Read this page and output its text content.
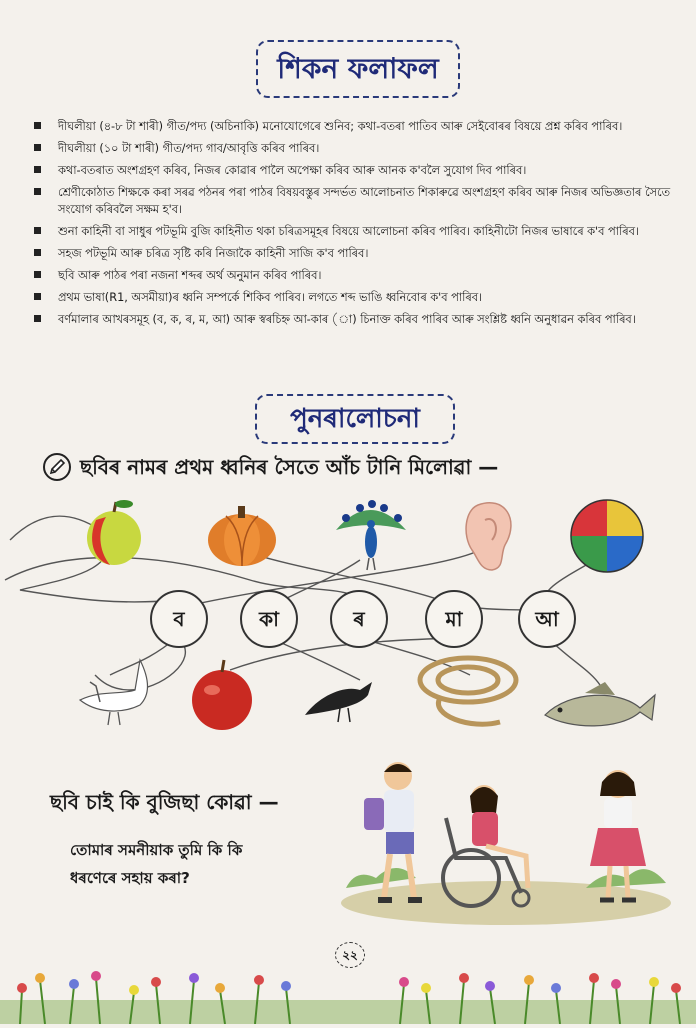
শিকন ফলাফল
দীঘলীয়া (৪-৮ টা শাৰী) গীত/পদ্য (অচিনাকি) মনোযোগেৰে শুনিব; কথা-বতৰা পাতিব আৰু সেইবোৰৰ বিষয়ে প্ৰশ্ন কৰিব পাৰিব।
দীঘলীয়া (১০ টা শাৰী) গীত/পদ্য গাব/আবৃত্তি কৰিব পাৰিব।
কথা-বতৰাত অংশগ্ৰহণ কৰিব, নিজৰ কোৱাৰ পালৈ অপেক্ষা কৰিব আৰু আনক ক'বলৈ সুযোগ দিব পাৰিব।
শ্ৰেণীকোঠাত শিক্ষকে কৰা সৰৱ পঠনৰ পৰা পাঠৰ বিষয়বস্তুৰ সন্দৰ্ভত আলোচনাত শিকাৰুৱে অংশগ্ৰহণ কৰিব আৰু নিজৰ অভিজ্ঞতাৰ সৈতে সংযোগ কৰিবলৈ সক্ষম হ'ব।
শুনা কাহিনী বা সাধুৰ পটভূমি বুজি কাহিনীত থকা চৰিত্ৰসমূহৰ বিষয়ে আলোচনা কৰিব পাৰিব। কাহিনীটো নিজৰ ভাষাৰে ক'ব পাৰিব।
সহজ পটভূমি আৰু চৰিত্ৰ সৃষ্টি কৰি নিজাকৈ কাহিনী সাজি ক'ব পাৰিব।
ছবি আৰু পাঠৰ পৰা নজনা শব্দৰ অৰ্থ অনুমান কৰিব পাৰিব।
প্ৰথম ভাষা(R1, অসমীয়া)ৰ ধ্বনি সম্পৰ্কে শিকিব পাৰিব। লগতে শব্দ ভাঙি ধ্বনিবোৰ ক'ব পাৰিব।
বৰ্ণমালাৰ আখৰসমূহ (ব, ক, ৰ, ম, আ) আৰু স্বৰচিহ্ন আ-কাৰ (া) চিনাক্ত কৰিব পাৰিব আৰু সংশ্লিষ্ট ধ্বনি অনুধাৱন কৰিব পাৰিব।
পুনৰালোচনা
ছবিৰ নামৰ প্ৰথম ধ্বনিৰ সৈতে আঁচ টানি মিলোৱা —
ব	কা	ৰ	মা	আ
ছবি চাই কি বুজিছা কোৱা —
তোমাৰ সমনীয়াক তুমি কি কি
ধৰণেৰে সহায় কৰা?
২২
